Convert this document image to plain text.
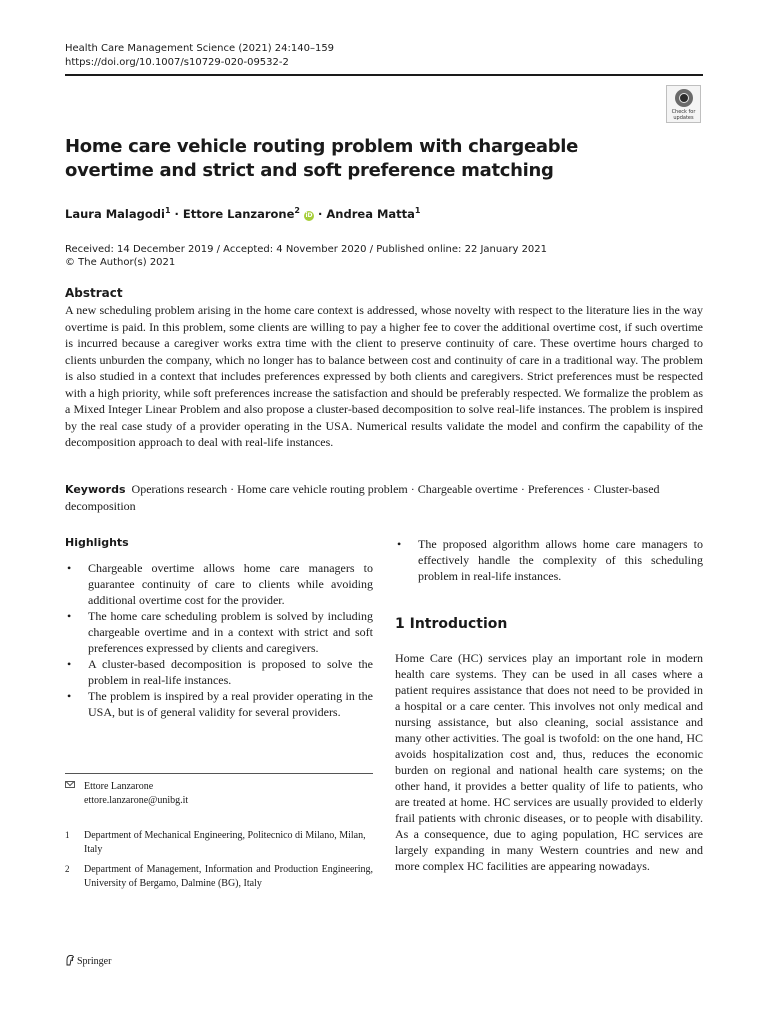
Health Care Management Science (2021) 24:140–159
https://doi.org/10.1007/s10729-020-09532-2
Check for
updates
Home care vehicle routing problem with chargeable overtime and strict and soft preference matching
Laura Malagodi$^1$ · Ettore Lanzarone$^2$ iD · Andrea Matta$^1$
Received: 14 December 2019 / Accepted: 4 November 2020 / Published online: 22 January 2021
© The Author(s) 2021
Abstract
A new scheduling problem arising in the home care context is addressed, whose novelty with respect to the literature lies in the way overtime is paid. In this problem, some clients are willing to pay a higher fee to cover the additional overtime cost, if such overtime is incurred because a caregiver works extra time with the client to preserve continuity of care. These overtime hours charged to clients unburden the company, which no longer has to balance between cost and continuity of care in a traditional way. The problem is also studied in a context that includes preferences expressed by both clients and caregivers. Strict preferences must be respected with a high priority, while soft preferences increase the satisfaction and should be preferably respected. We formalize the problem as a Mixed Integer Linear Problem and also propose a cluster-based decomposition to solve real-life instances. The problem is inspired by the real case study of a provider operating in the USA. Numerical results validate the model and confirm the capability of the decomposition approach to deal with real-life instances.
Keywords Operations research · Home care vehicle routing problem · Chargeable overtime · Preferences · Cluster-based decomposition
Highlights
• Chargeable overtime allows home care managers to guarantee continuity of care to clients while avoiding additional overtime cost for the provider.
• The home care scheduling problem is solved by including chargeable overtime and in a context with strict and soft preferences expressed by clients and caregivers.
• A cluster-based decomposition is proposed to solve the problem in real-life instances.
• The problem is inspired by a real provider operating in the USA, but is of general validity for several providers.
• The proposed algorithm allows home care managers to effectively handle the complexity of this scheduling problem in real-life instances.
1 Introduction
Home Care (HC) services play an important role in modern health care systems. They can be used in all cases where a patient requires assistance that does not need to be provided in a hospital or a care center. This involves not only medical and nursing assistance, but also cleaning, social assistance and many other activities. The goal is twofold: on the one hand, HC avoids hospitalization cost and, thus, reduces the economic burden on regional and national health care systems; on the other hand, it provides a better quality of life to patients, who are treated at home. HC services are usually provided to elderly frail patients with chronic diseases, or to people with disability. As a consequence, due to aging population, HC services are largely expanding in many Western countries and new and more complex HC facilities are appearing nowadays.
Ettore Lanzarone
ettore.lanzarone@unibg.it
1 Department of Mechanical Engineering, Politecnico di Milano, Milan, Italy
2 Department of Management, Information and Production Engineering, University of Bergamo, Dalmine (BG), Italy
Springer
